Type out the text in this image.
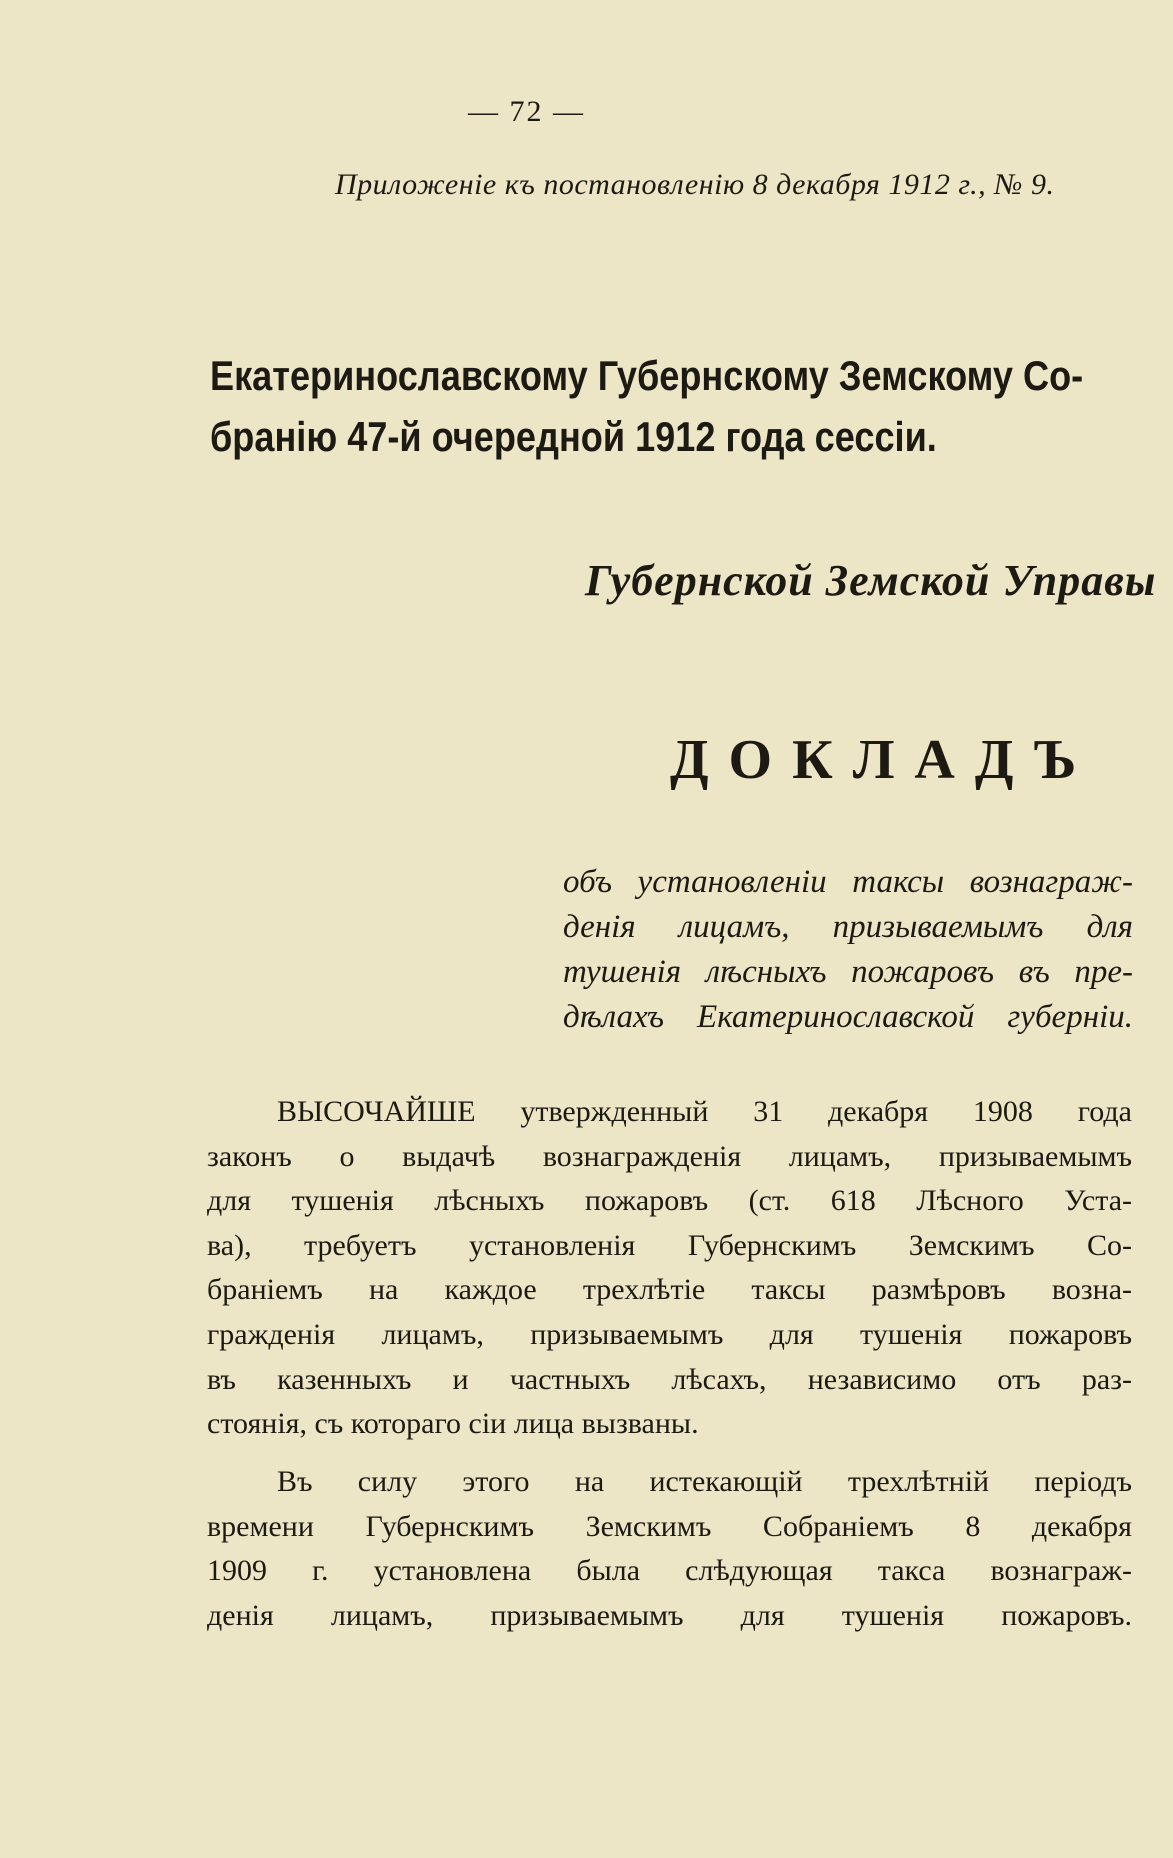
— 72 —
Приложеніе къ постановленію 8 декабря 1912 г., № 9.
Екатеринославскому Губернскому Земскому Со-
бранію 47-й очередной 1912 года сессіи.
Губернской Земской Управы
ДОКЛАДЪ
объ установленіи таксы вознаграж-
денія лицамъ, призываемымъ для
тушенія лѣсныхъ пожаровъ въ пре-
дѣлахъ Екатеринославской губерніи.
ВЫСОЧАЙШЕ утвержденный 31 декабря 1908 года
законъ о выдачѣ вознагражденія лицамъ, призываемымъ
для тушенія лѣсныхъ пожаровъ (ст. 618 Лѣсного Уста-
ва), требуетъ установленія Губернскимъ Земскимъ Со-
браніемъ на каждое трехлѣтіе таксы размѣровъ возна-
гражденія лицамъ, призываемымъ для тушенія пожаровъ
въ казенныхъ и частныхъ лѣсахъ, независимо отъ раз-
стоянія, съ котораго сіи лица вызваны.
Въ силу этого на истекающій трехлѣтній періодъ
времени Губернскимъ Земскимъ Собраніемъ 8 декабря
1909 г. установлена была слѣдующая такса вознаграж-
денія лицамъ, призываемымъ для тушенія пожаровъ.
